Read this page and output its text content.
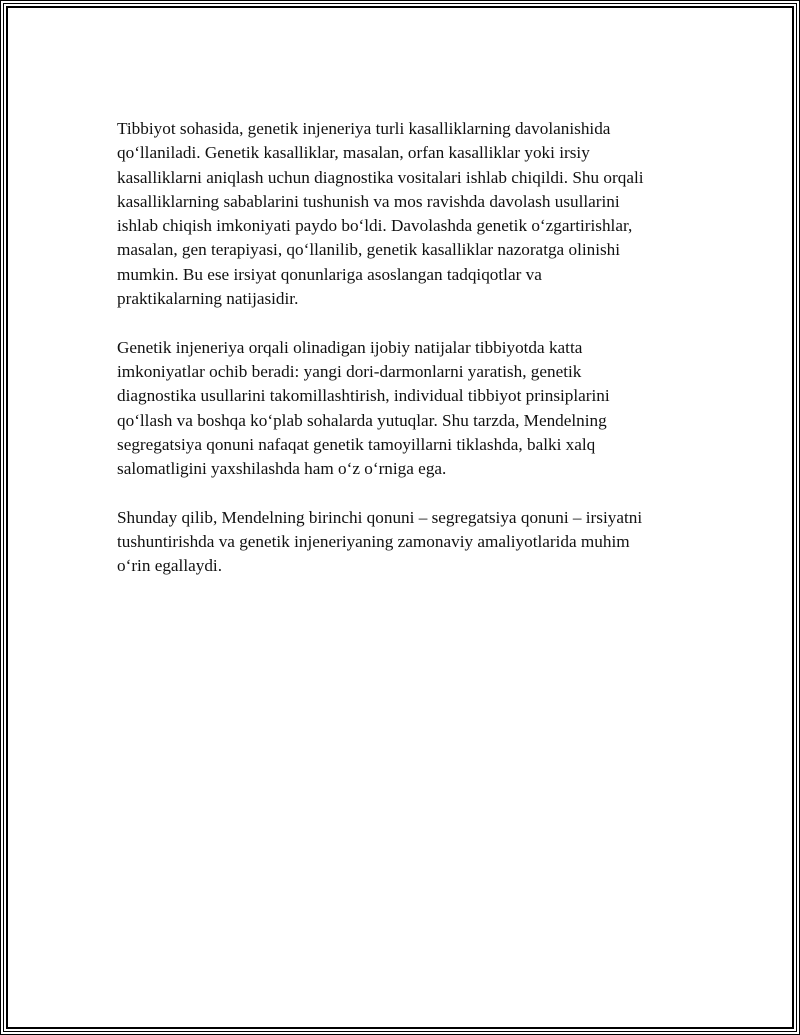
Tibbiyot sohasida, genetik injeneriya turli kasalliklarning davolanishida
qoʻllaniladi. Genetik kasalliklar, masalan, orfan kasalliklar yoki irsiy
kasalliklarni aniqlash uchun diagnostika vositalari ishlab chiqildi. Shu orqali
kasalliklarning sabablarini tushunish va mos ravishda davolash usullarini
ishlab chiqish imkoniyati paydo boʻldi. Davolashda genetik oʻzgartirishlar,
masalan, gen terapiyasi, qoʻllanilib, genetik kasalliklar nazoratga olinishi
mumkin. Bu ese irsiyat qonunlariga asoslangan tadqiqotlar va
praktikalarning natijasidir.

Genetik injeneriya orqali olinadigan ijobiy natijalar tibbiyotda katta
imkoniyatlar ochib beradi: yangi dori-darmonlarni yaratish, genetik
diagnostika usullarini takomillashtirish, individual tibbiyot prinsiplarini
qoʻllash va boshqa koʻplab sohalarda yutuqlar. Shu tarzda, Mendelning
segregatsiya qonuni nafaqat genetik tamoyillarni tiklashda, balki xalq
salomatligini yaxshilashda ham oʻz oʻrniga ega.

Shunday qilib, Mendelning birinchi qonuni – segregatsiya qonuni – irsiyatni
tushuntirishda va genetik injeneriyaning zamonaviy amaliyotlarida muhim
oʻrin egallaydi.
